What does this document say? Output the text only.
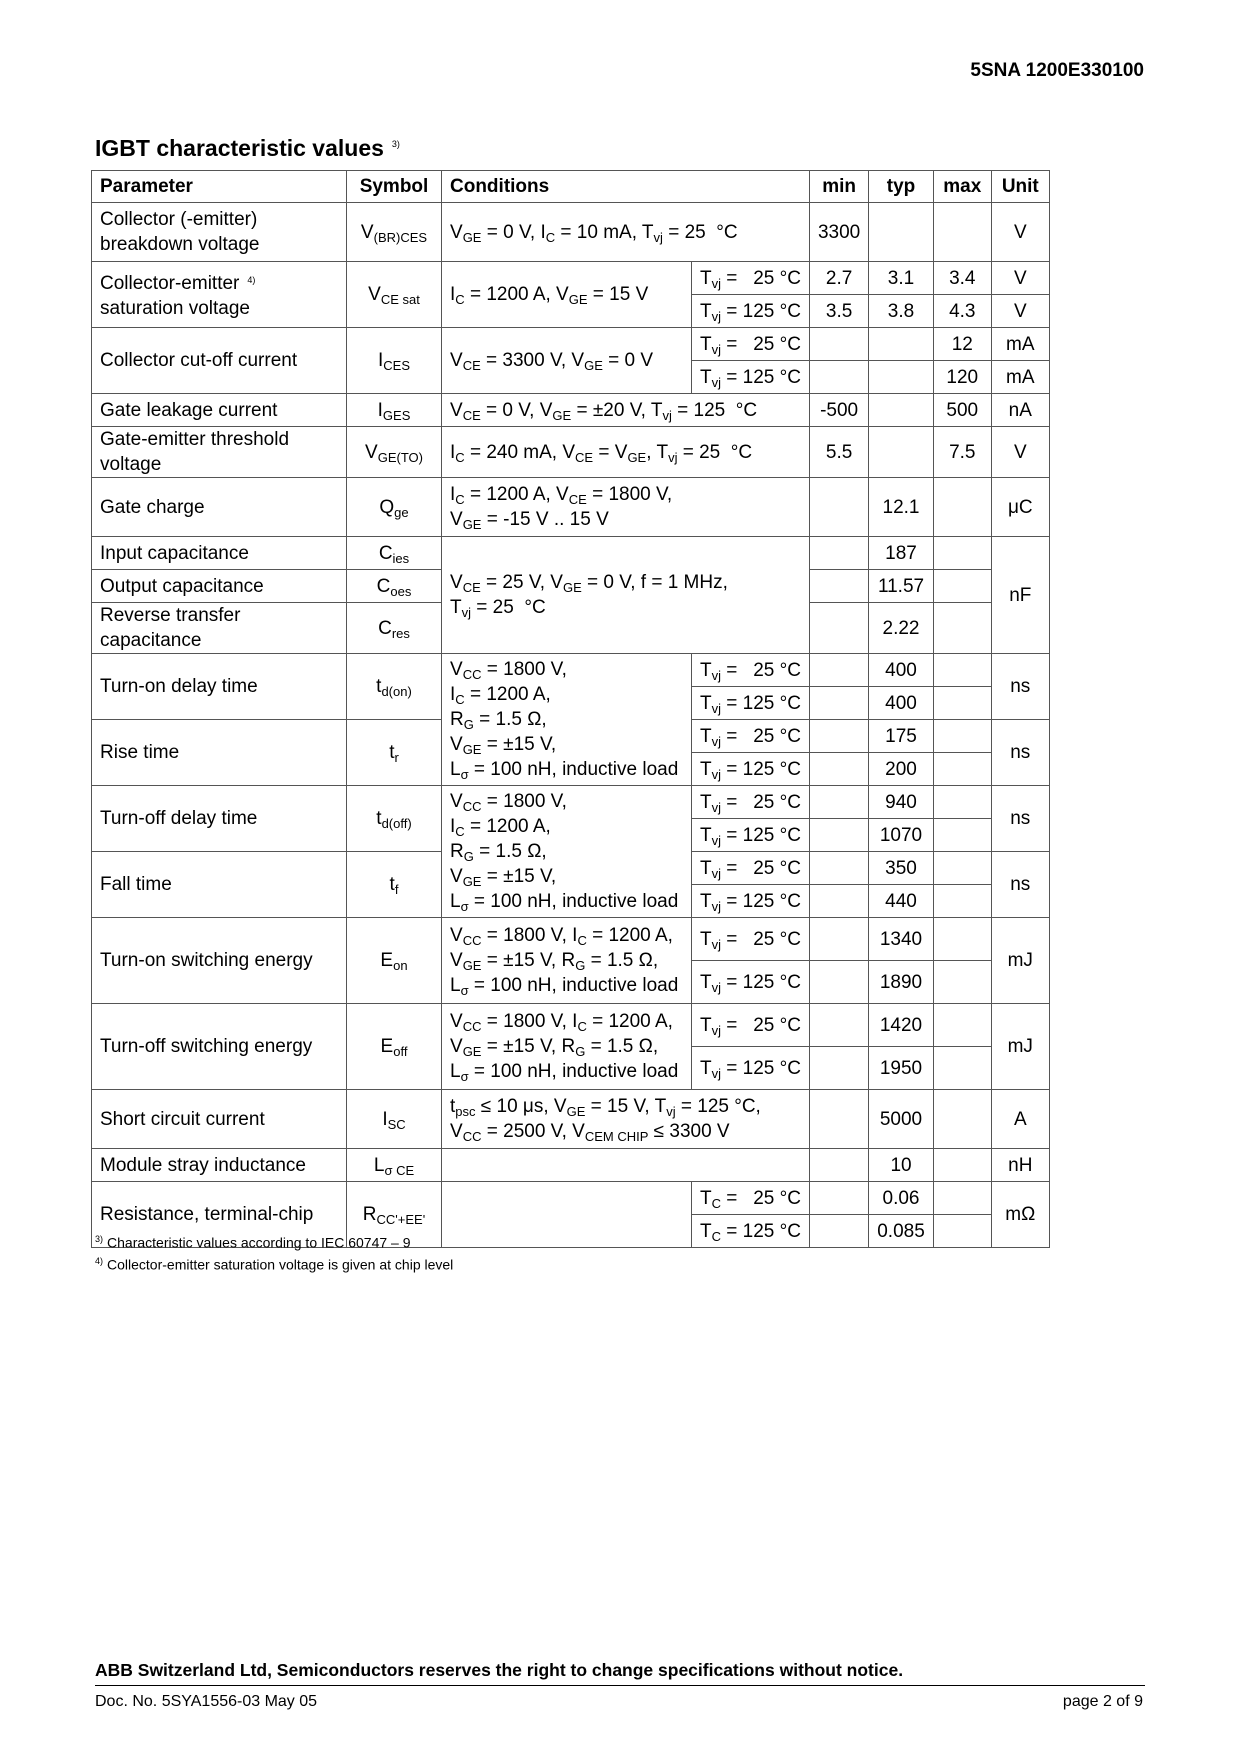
5SNA 1200E330100
IGBT characteristic values $^{3)}$
Parameter	Symbol	Conditions		min	typ	max	Unit
Collector (-emitter)
breakdown voltage	$V_{(BR)CES}$	$V_{GE} = 0$ V, $I_C = 10$ mA, $T_{vj} = 25$  °C		3300			V
Collector-emitter $^{4)}$
saturation voltage	$V_{CE sat}$	$I_C = 1200$ A, $V_{GE} = 15$ V	$T_{vj} = 25$ °C	2.7	3.1	3.4	V
			$T_{vj} = 125$ °C	3.5	3.8	4.3	V
Collector cut-off current	$I_{CES}$	$V_{CE} = 3300$ V, $V_{GE} = 0$ V	$T_{vj} = 25$ °C			12	mA
			$T_{vj} = 125$ °C			120	mA
Gate leakage current	$I_{GES}$	$V_{CE} = 0$ V, $V_{GE} = \pm 20$ V, $T_{vj} = 125$  °C		-500		500	nA
Gate-emitter threshold voltage	$V_{GE(TO)}$	$I_C = 240$ mA, $V_{CE} = V_{GE}$, $T_{vj} = 25$  °C		5.5		7.5	V
Gate charge	$Q_{ge}$	$I_C = 1200$ A, $V_{CE} = 1800$ V,
$V_{GE} = -15$ V .. 15 V			12.1		μC
Input capacitance	$C_{ies}$	$V_{CE} = 25$ V, $V_{GE} = 0$ V, f = 1 MHz,
$T_{vj} = 25$  °C			187		nF
Output capacitance	$C_{oes}$				11.57		
Reverse transfer capacitance	$C_{res}$				2.22		
Turn-on delay time	$t_{d(on)}$	$V_{CC} = 1800$ V,
$I_C = 1200$ A,
$R_G = 1.5$ Ω,
$V_{GE} = \pm 15$ V,
$L_\sigma = 100$ nH, inductive load	$T_{vj} = 25$ °C		400		ns
			$T_{vj} = 125$ °C		400		
Rise time	$t_r$		$T_{vj} = 25$ °C		175		ns
			$T_{vj} = 125$ °C		200		
Turn-off delay time	$t_{d(off)}$	$V_{CC} = 1800$ V,
$I_C = 1200$ A,
$R_G = 1.5$ Ω,
$V_{GE} = \pm 15$ V,
$L_\sigma = 100$ nH, inductive load	$T_{vj} = 25$ °C		940		ns
			$T_{vj} = 125$ °C		1070		
Fall time	$t_f$		$T_{vj} = 25$ °C		350		ns
			$T_{vj} = 125$ °C		440		
Turn-on switching energy	$E_{on}$	$V_{CC} = 1800$ V, $I_C = 1200$ A,
$V_{GE} = \pm 15$ V, $R_G = 1.5$ Ω,
$L_\sigma = 100$ nH, inductive load	$T_{vj} = 25$ °C		1340		mJ
			$T_{vj} = 125$ °C		1890		
Turn-off switching energy	$E_{off}$	$V_{CC} = 1800$ V, $I_C = 1200$ A,
$V_{GE} = \pm 15$ V, $R_G = 1.5$ Ω,
$L_\sigma = 100$ nH, inductive load	$T_{vj} = 25$ °C		1420		mJ
			$T_{vj} = 125$ °C		1950		
Short circuit current	$I_{SC}$	$t_{psc} \le 10$ μs, $V_{GE} = 15$ V, $T_{vj} = 125$ °C,
$V_{CC} = 2500$ V, $V_{CEM CHIP} \le 3300$ V			5000		A
Module stray inductance	$L_{\sigma CE}$				10		nH
Resistance, terminal-chip	$R_{CC'+EE'}$		$T_C = 25$ °C		0.06		mΩ
			$T_C = 125$ °C		0.085		
$^{3)}$ Characteristic values according to IEC 60747 – 9
$^{4)}$ Collector-emitter saturation voltage is given at chip level
ABB Switzerland Ltd, Semiconductors reserves the right to change specifications without notice.
Doc. No. 5SYA1556-03 May 05	page 2 of 9
